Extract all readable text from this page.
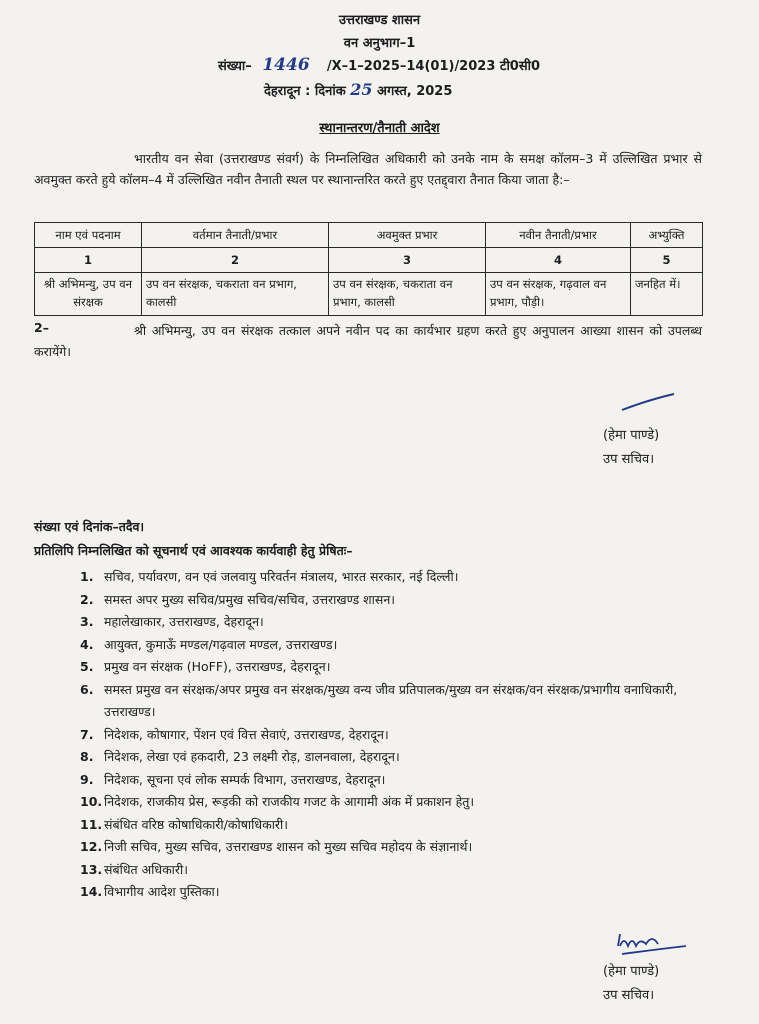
उत्तराखण्ड शासन
वन अनुभाग–1
संख्या– 1446 /X–1–2025–14(01)/2023 टी0सी0
देहरादून : दिनांक 25 अगस्त, 2025
स्थानान्तरण/तैनाती आदेश
भारतीय वन सेवा (उत्तराखण्ड संवर्ग) के निम्नलिखित अधिकारी को उनके नाम के समक्ष कॉलम–3 में उल्लिखित प्रभार से अवमुक्त करते हुये कॉलम–4 में उल्लिखित नवीन तैनाती स्थल पर स्थानान्तरित करते हुए एतद्द्वारा तैनात किया जाता है:–
नाम एवं पदनाम	वर्तमान तैनाती/प्रभार	अवमुक्त प्रभार	नवीन तैनाती/प्रभार	अभ्युक्ति
1	2	3	4	5
श्री अभिमन्यु, उप वन संरक्षक	उप वन संरक्षक, चकराता वन प्रभाग, कालसी	उप वन संरक्षक, चकराता वन प्रभाग, कालसी	उप वन संरक्षक, गढ़वाल वन प्रभाग, पौड़ी।	जनहित में।
2–	श्री अभिमन्यु, उप वन संरक्षक तत्काल अपने नवीन पद का कार्यभार ग्रहण करते हुए अनुपालन आख्या शासन को उपलब्ध करायेंगे।
(हेमा पाण्डे)
उप सचिव।
संख्या एवं दिनांक–तदैव।
प्रतिलिपि निम्नलिखित को सूचनार्थ एवं आवश्यक कार्यवाही हेतु प्रेषितः–
1. सचिव, पर्यावरण, वन एवं जलवायु परिवर्तन मंत्रालय, भारत सरकार, नई दिल्ली।
2. समस्त अपर मुख्य सचिव/प्रमुख सचिव/सचिव, उत्तराखण्ड शासन।
3. महालेखाकार, उत्तराखण्ड, देहरादून।
4. आयुक्त, कुमाऊँ मण्डल/गढ़वाल मण्डल, उत्तराखण्ड।
5. प्रमुख वन संरक्षक (HoFF), उत्तराखण्ड, देहरादून।
6. समस्त प्रमुख वन संरक्षक/अपर प्रमुख वन संरक्षक/मुख्य वन्य जीव प्रतिपालक/मुख्य वन संरक्षक/वन संरक्षक/प्रभागीय वनाधिकारी, उत्तराखण्ड।
7. निदेशक, कोषागार, पेंशन एवं वित्त सेवाएं, उत्तराखण्ड, देहरादून।
8. निदेशक, लेखा एवं हकदारी, 23 लक्ष्मी रोड़, डालनवाला, देहरादून।
9. निदेशक, सूचना एवं लोक सम्पर्क विभाग, उत्तराखण्ड, देहरादून।
10. निदेशक, राजकीय प्रेस, रूड़की को राजकीय गजट के आगामी अंक में प्रकाशन हेतु।
11. संबंधित वरिष्ठ कोषाधिकारी/कोषाधिकारी।
12. निजी सचिव, मुख्य सचिव, उत्तराखण्ड शासन को मुख्य सचिव महोदय के संज्ञानार्थ।
13. संबंधित अधिकारी।
14. विभागीय आदेश पुस्तिका।
(हेमा पाण्डे)
उप सचिव।
